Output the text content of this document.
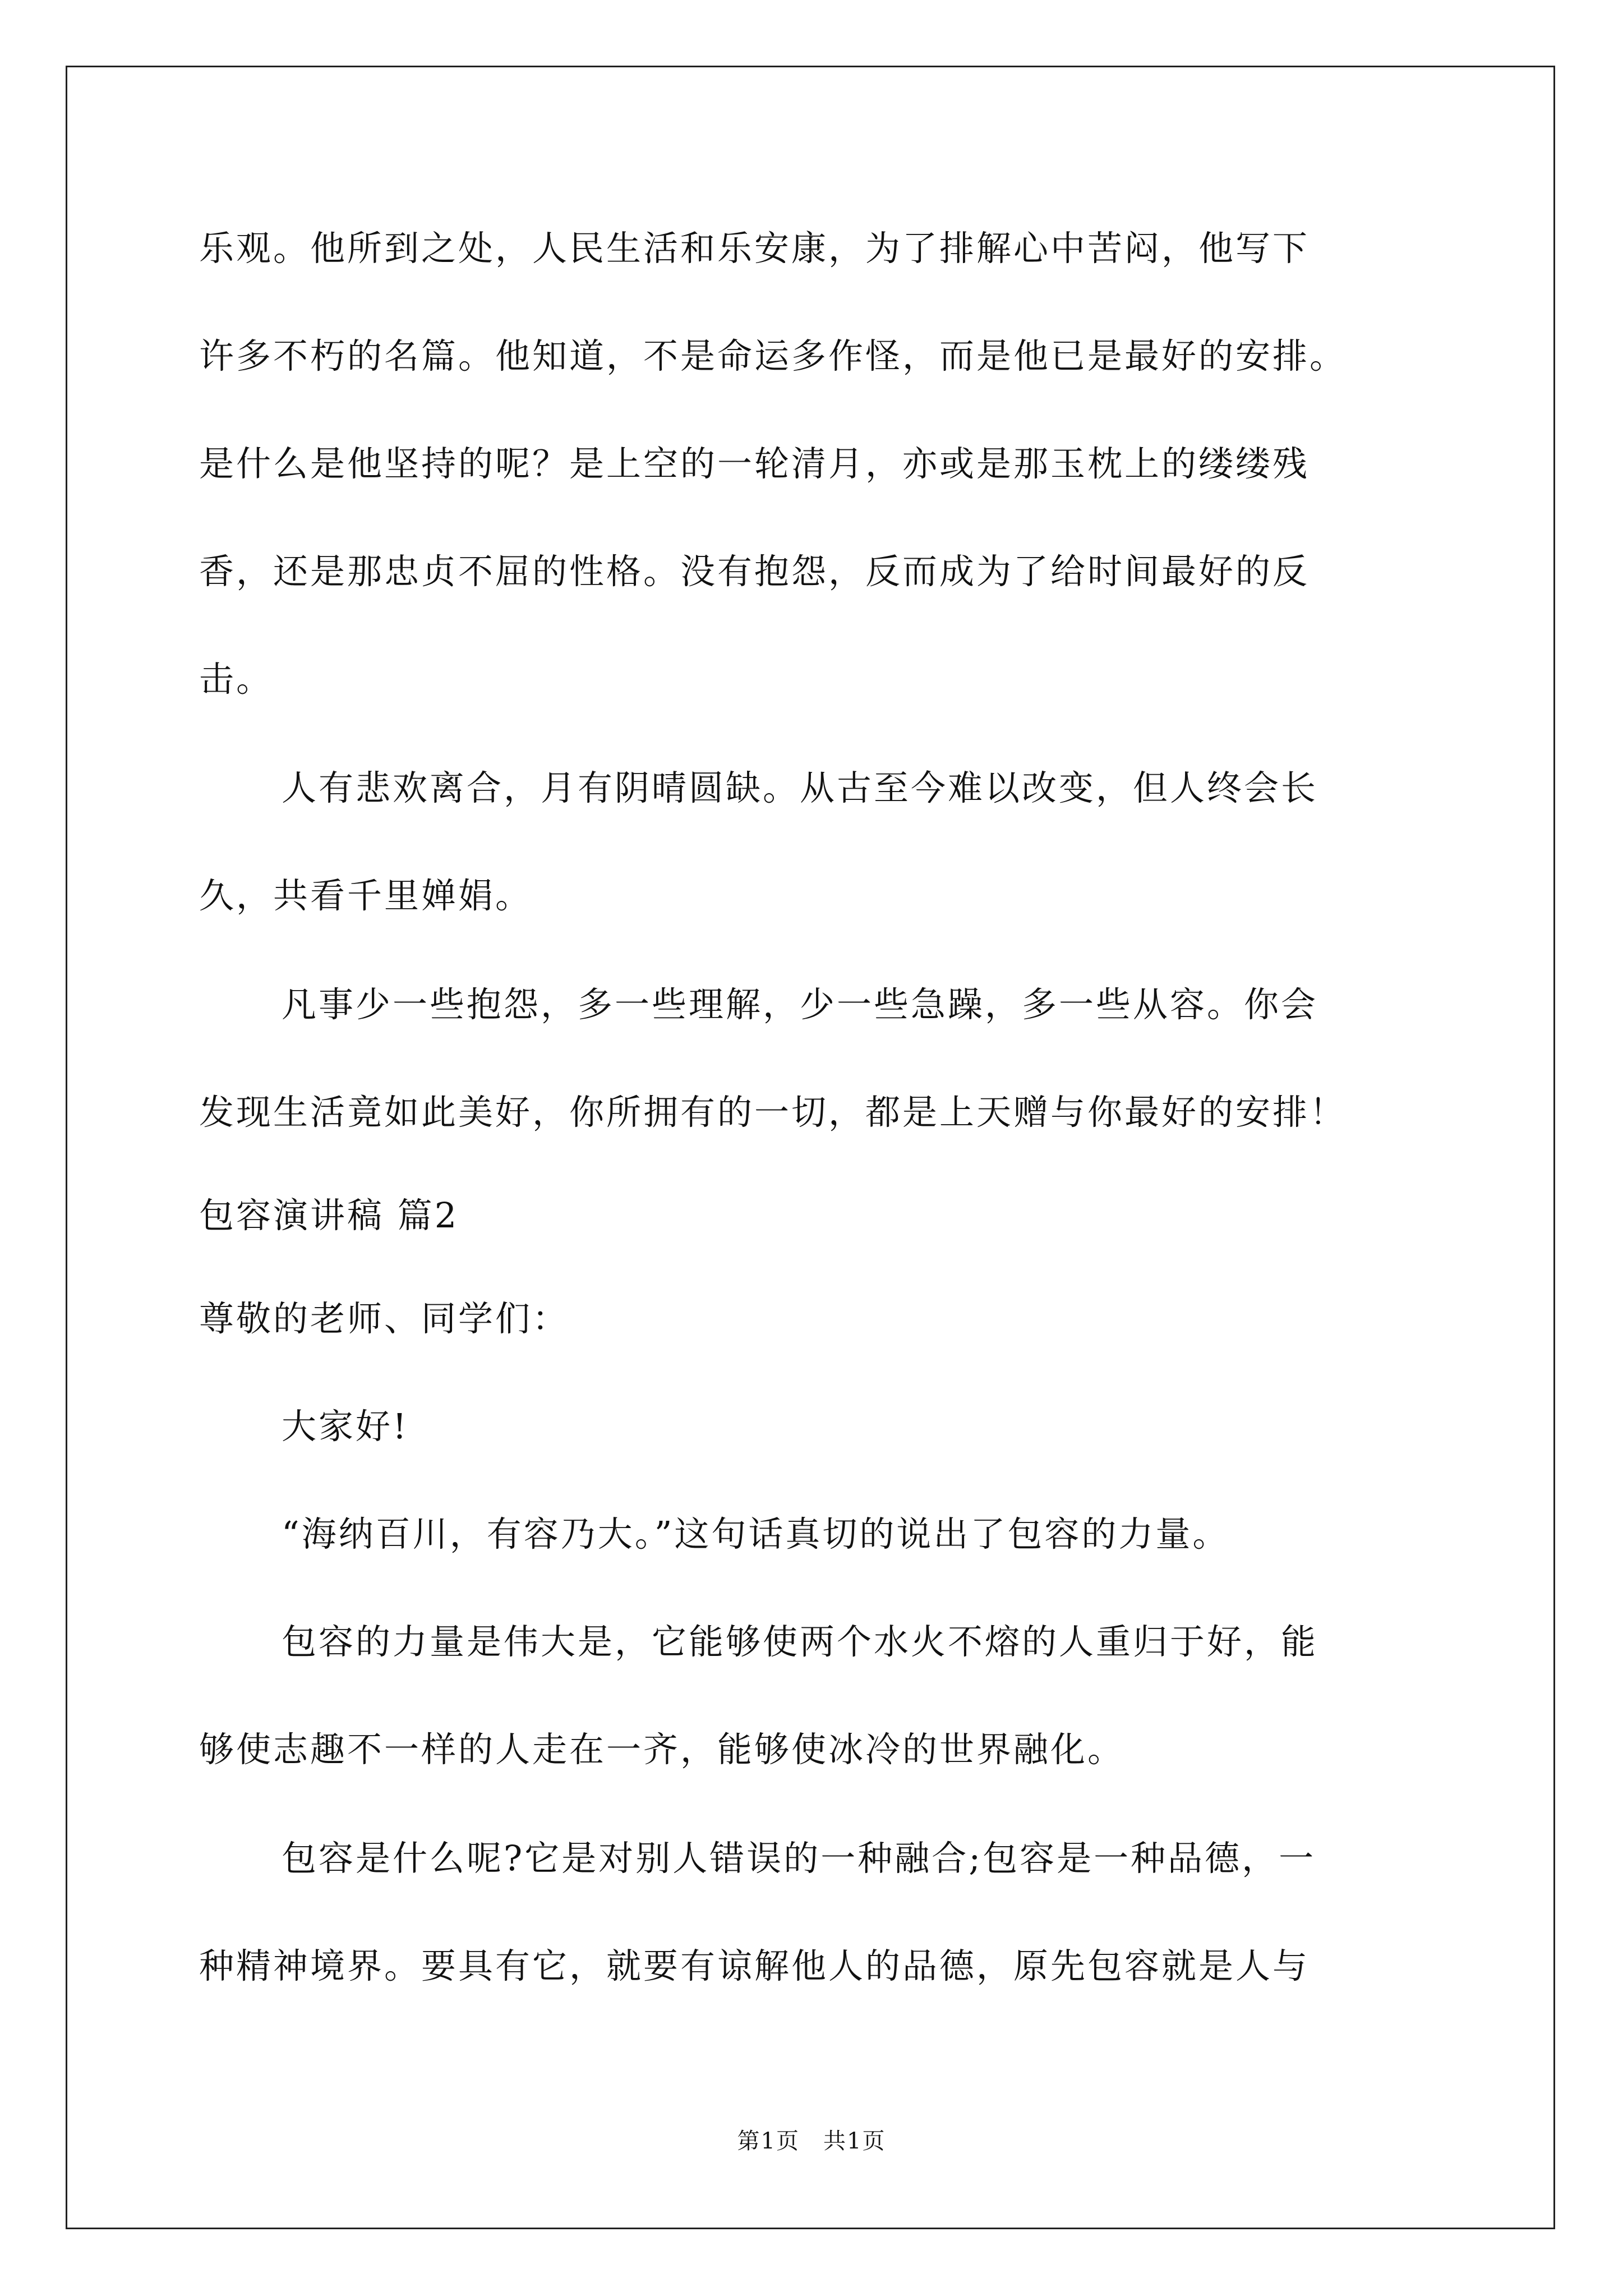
乐观。他所到之处，人民生活和乐安康，为了排解心中苦闷，他写下
许多不朽的名篇。他知道，不是命运多作怪，而是他已是最好的安排。
是什么是他坚持的呢？是上空的一轮清月，亦或是那玉枕上的缕缕残
香，还是那忠贞不屈的性格。没有抱怨，反而成为了给时间最好的反
击。
人有悲欢离合，月有阴晴圆缺。从古至今难以改变，但人终会长
久，共看千里婵娟。
凡事少一些抱怨，多一些理解，少一些急躁，多一些从容。你会
发现生活竟如此美好，你所拥有的一切，都是上天赠与你最好的安排！
包容演讲稿 篇2
尊敬的老师、同学们：
大家好!
“海纳百川，有容乃大。”这句话真切的说出了包容的力量。
包容的力量是伟大是，它能够使两个水火不熔的人重归于好，能
够使志趣不一样的人走在一齐，能够使冰冷的世界融化。
包容是什么呢?它是对别人错误的一种融合;包容是一种品德，一
种精神境界。要具有它，就要有谅解他人的品德，原先包容就是人与
第1页　共1页
